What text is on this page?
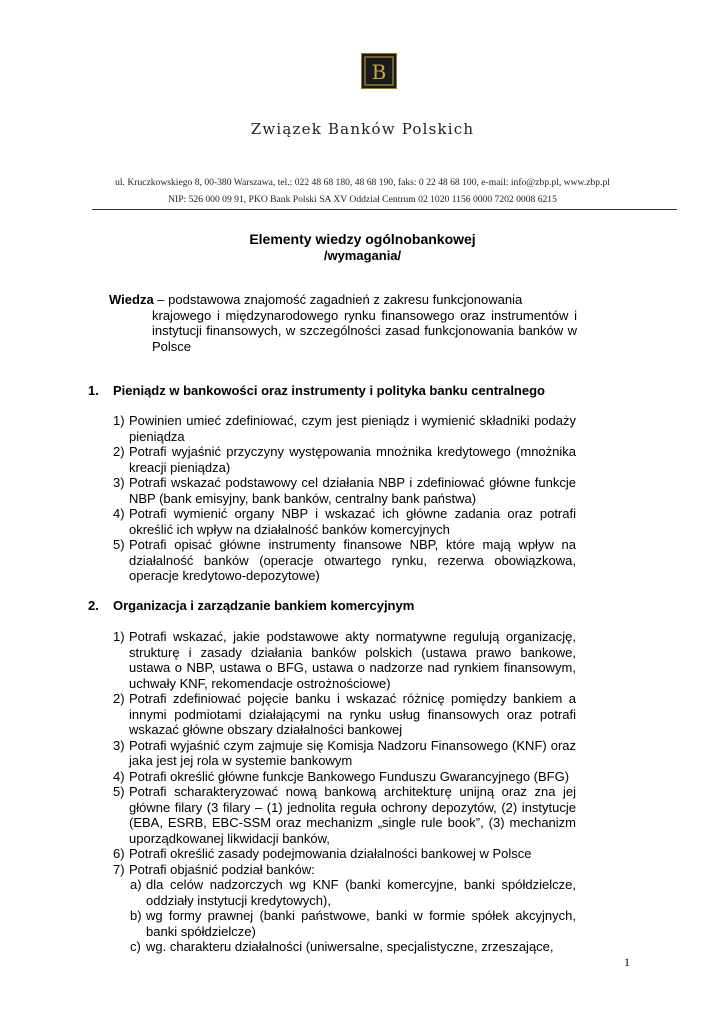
B
Związek Banków Polskich
ul. Kruczkowskiego 8, 00-380 Warszawa, tel.: 022 48 68 180, 48 68 190, faks: 0 22 48 68 100, e-mail: info@zbp.pl, www.zbp.pl
NIP: 526 000 09 91, PKO Bank Polski SA XV Oddział Centrum 02 1020 1156 0000 7202 0008 6215
Elementy wiedzy ogólnobankowej
/wymagania/
Wiedza – podstawowa znajomość zagadnień z zakresu funkcjonowania
krajowego i międzynarodowego rynku finansowego oraz instrumentów i instytucji finansowych, w szczególności zasad funkcjonowania banków w Polsce
1. Pieniądz w bankowości oraz instrumenty i polityka banku centralnego
1) Powinien umieć zdefiniować, czym jest pieniądz i wymienić składniki podaży pieniądza
2) Potrafi wyjaśnić przyczyny występowania mnożnika kredytowego (mnożnika kreacji pieniądza)
3) Potrafi wskazać podstawowy cel działania NBP i zdefiniować główne funkcje NBP (bank emisyjny, bank banków, centralny bank państwa)
4) Potrafi wymienić organy NBP i wskazać ich główne zadania oraz potrafi określić ich wpływ na działalność banków komercyjnych
5) Potrafi opisać główne instrumenty finansowe NBP, które mają wpływ na działalność banków (operacje otwartego rynku, rezerwa obowiązkowa, operacje kredytowo-depozytowe)
2. Organizacja i zarządzanie bankiem komercyjnym
1) Potrafi wskazać, jakie podstawowe akty normatywne regulują organizację, strukturę i zasady działania banków polskich (ustawa prawo bankowe, ustawa o NBP, ustawa o BFG, ustawa o nadzorze nad rynkiem finansowym, uchwały KNF, rekomendacje ostrożnościowe)
2) Potrafi zdefiniować pojęcie banku i wskazać różnicę pomiędzy bankiem a innymi podmiotami działającymi na rynku usług finansowych oraz potrafi wskazać główne obszary działalności bankowej
3) Potrafi wyjaśnić czym zajmuje się Komisja Nadzoru Finansowego (KNF) oraz jaka jest jej rola w systemie bankowym
4) Potrafi określić główne funkcje Bankowego Funduszu Gwarancyjnego (BFG)
5) Potrafi scharakteryzować nową bankową architekturę unijną oraz zna jej główne filary (3 filary – (1) jednolita reguła ochrony depozytów, (2) instytucje (EBA, ESRB, EBC-SSM oraz mechanizm „single rule book”, (3) mechanizm uporządkowanej likwidacji banków,
6) Potrafi określić zasady podejmowania działalności bankowej w Polsce
7) Potrafi objaśnić podział banków:
a) dla celów nadzorczych wg KNF (banki komercyjne, banki spółdzielcze, oddziały instytucji kredytowych),
b) wg formy prawnej (banki państwowe, banki w formie spółek akcyjnych, banki spółdzielcze)
c) wg. charakteru działalności (uniwersalne, specjalistyczne, zrzeszające,
1
